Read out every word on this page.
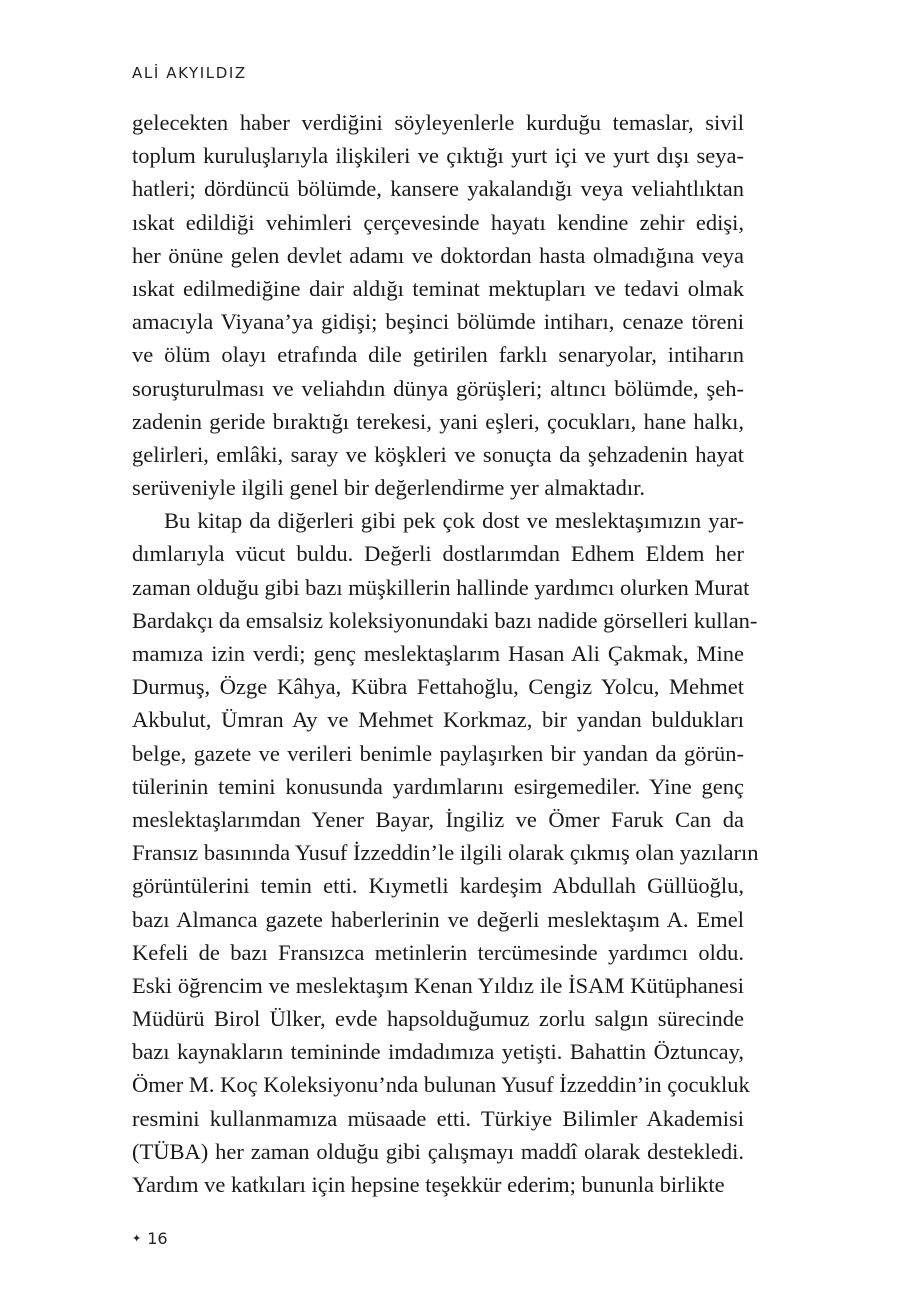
ALİ AKYILDIZ
gelecekten haber verdiğini söyleyenlerle kurduğu temaslar, sivil
toplum kuruluşlarıyla ilişkileri ve çıktığı yurt içi ve yurt dışı seya-
hatleri; dördüncü bölümde, kansere yakalandığı veya veliahtlıktan
ıskat edildiği vehimleri çerçevesinde hayatı kendine zehir edişi,
her önüne gelen devlet adamı ve doktordan hasta olmadığına veya
ıskat edilmediğine dair aldığı teminat mektupları ve tedavi olmak
amacıyla Viyana’ya gidişi; beşinci bölümde intiharı, cenaze töreni
ve ölüm olayı etrafında dile getirilen farklı senaryolar, intiharın
soruşturulması ve veliahdın dünya görüşleri; altıncı bölümde, şeh-
zadenin geride bıraktığı terekesi, yani eşleri, çocukları, hane halkı,
gelirleri, emlâki, saray ve köşkleri ve sonuçta da şehzadenin hayat
serüveniyle ilgili genel bir değerlendirme yer almaktadır.
Bu kitap da diğerleri gibi pek çok dost ve meslektaşımızın yar-
dımlarıyla vücut buldu. Değerli dostlarımdan Edhem Eldem her
zaman olduğu gibi bazı müşkillerin hallinde yardımcı olurken Murat
Bardakçı da emsalsiz koleksiyonundaki bazı nadide görselleri kullan-
mamıza izin verdi; genç meslektaşlarım Hasan Ali Çakmak, Mine
Durmuş, Özge Kâhya, Kübra Fettahoğlu, Cengiz Yolcu, Mehmet
Akbulut, Ümran Ay ve Mehmet Korkmaz, bir yandan buldukları
belge, gazete ve verileri benimle paylaşırken bir yandan da görün-
tülerinin temini konusunda yardımlarını esirgemediler. Yine genç
meslektaşlarımdan Yener Bayar, İngiliz ve Ömer Faruk Can da
Fransız basınında Yusuf İzzeddin’le ilgili olarak çıkmış olan yazıların
görüntülerini temin etti. Kıymetli kardeşim Abdullah Güllüoğlu,
bazı Almanca gazete haberlerinin ve değerli meslektaşım A. Emel
Kefeli de bazı Fransızca metinlerin tercümesinde yardımcı oldu.
Eski öğrencim ve meslektaşım Kenan Yıldız ile İSAM Kütüphanesi
Müdürü Birol Ülker, evde hapsolduğumuz zorlu salgın sürecinde
bazı kaynakların temininde imdadımıza yetişti. Bahattin Öztuncay,
Ömer M. Koç Koleksiyonu’nda bulunan Yusuf İzzeddin’in çocukluk
resmini kullanmamıza müsaade etti. Türkiye Bilimler Akademisi
(TÜBA) her zaman olduğu gibi çalışmayı maddî olarak destekledi.
Yardım ve katkıları için hepsine teşekkür ederim; bununla birlikte
✦ 16
